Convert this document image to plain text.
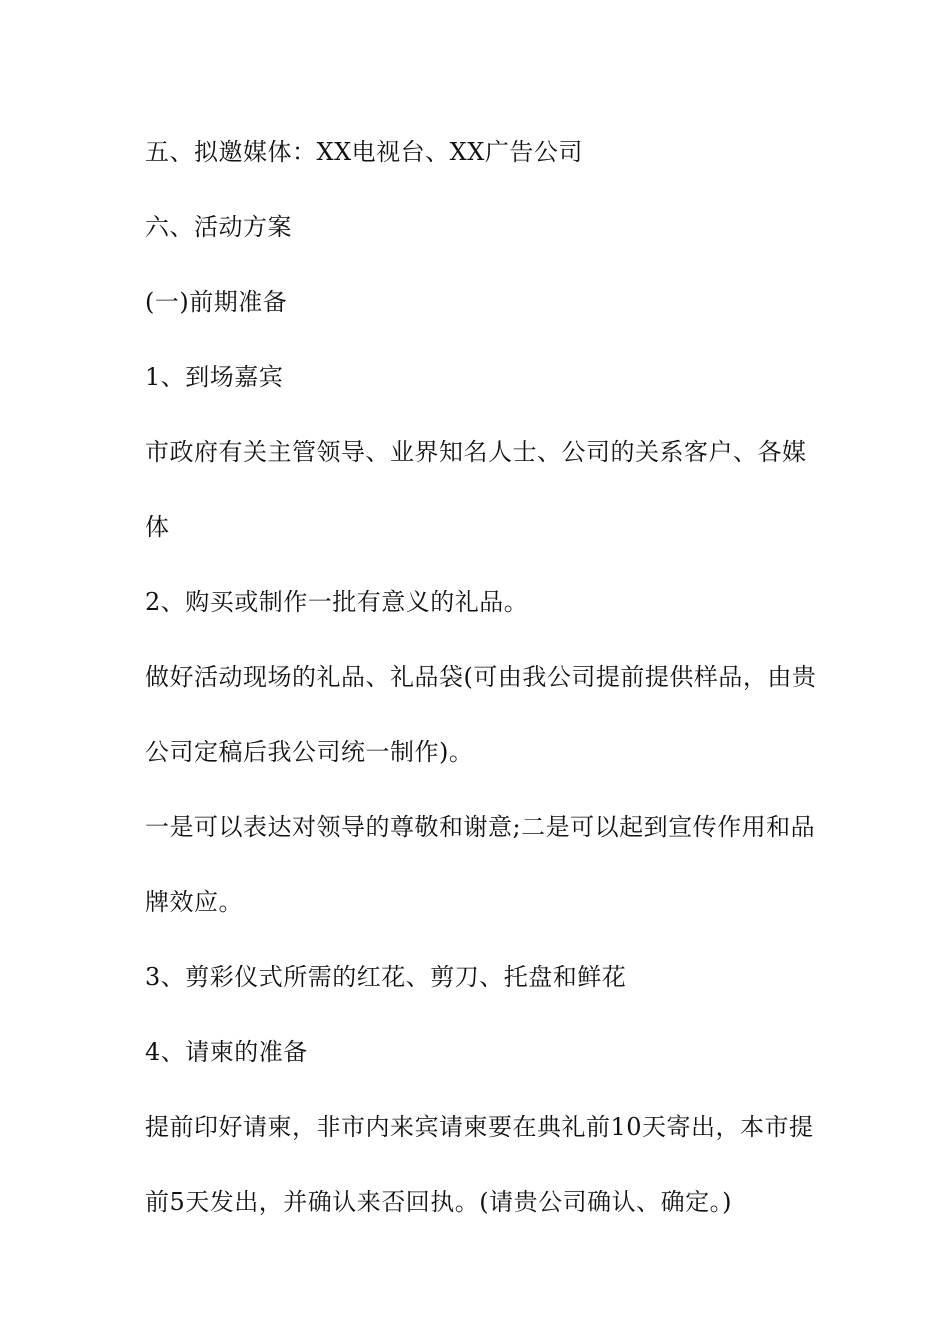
五、拟邀媒体：XX电视台、XX广告公司
六、活动方案
(一)前期准备
1、到场嘉宾
市政府有关主管领导、业界知名人士、公司的关系客户、各媒
体
2、购买或制作一批有意义的礼品。
做好活动现场的礼品、礼品袋(可由我公司提前提供样品，由贵
公司定稿后我公司统一制作)。
一是可以表达对领导的尊敬和谢意;二是可以起到宣传作用和品
牌效应。
3、剪彩仪式所需的红花、剪刀、托盘和鲜花
4、请柬的准备
提前印好请柬，非市内来宾请柬要在典礼前10天寄出，本市提
前5天发出，并确认来否回执。(请贵公司确认、确定。)
